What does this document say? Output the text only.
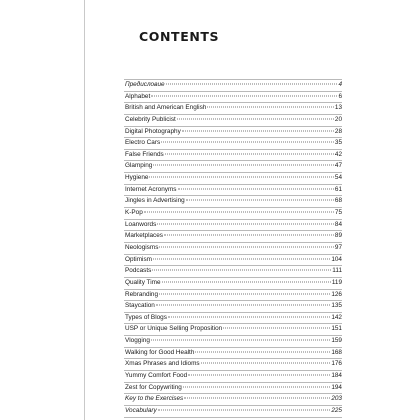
CONTENTS
Предисловие	4
Alphabet	6
British and American English	13
Celebrity Publicist	20
Digital Photography	28
Electro Cars	35
False Friends	42
Glamping	47
Hygiene	54
Internet Acronyms	61
Jingles in Advertising	68
K-Pop	75
Loanwords	84
Marketplaces	89
Neologisms	97
Optimism	104
Podcasts	111
Quality Time	119
Rebranding	126
Staycation	135
Types of Blogs	142
USP or Unique Selling Proposition	151
Vlogging	159
Walking for Good Health	168
Xmas Phrases and Idioms	176
Yummy Comfort Food	184
Zest for Copywriting	194
Key to the Exercises	203
Vocabulary	225
